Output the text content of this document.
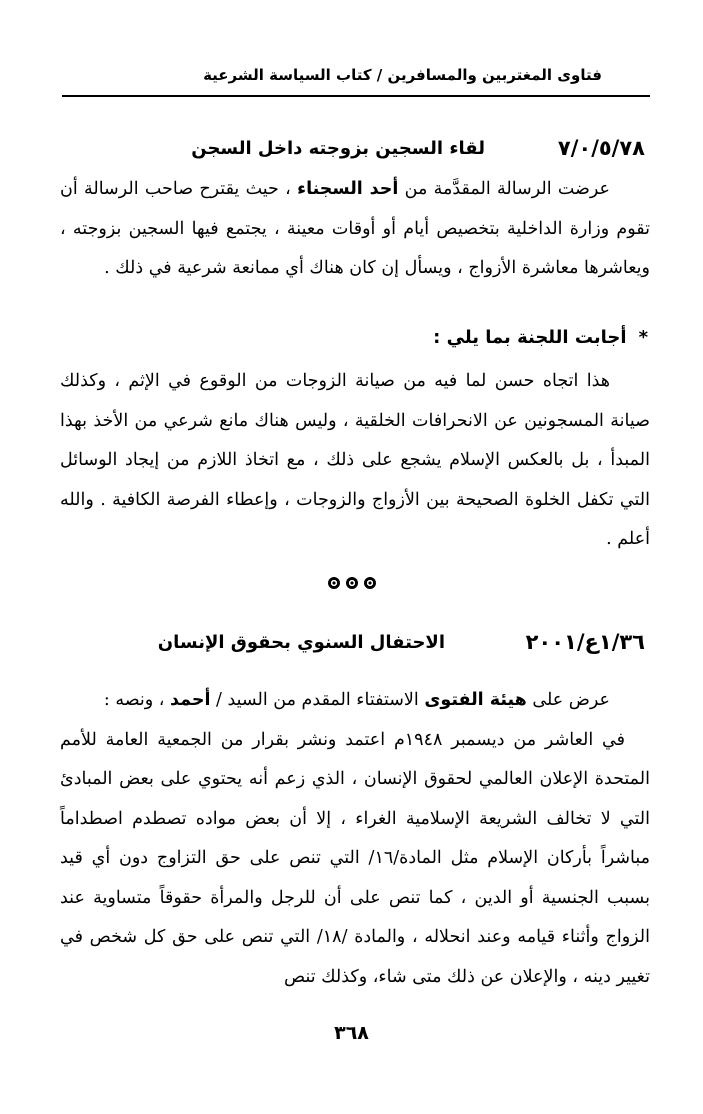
فتاوى المغتربين والمسافرين / كتاب السياسة الشرعية
٧/٠/٥/٧٨
لقاء السجين بزوجته داخل السجن

عرضت الرسالة المقدَّمة من أحد السجناء ، حيث يقترح صاحب الرسالة أن تقوم وزارة الداخلية بتخصيص أيام أو أوقات معينة ، يجتمع فيها السجين بزوجته ، ويعاشرها معاشرة الأزواج ، ويسأل إن كان هناك أي ممانعة شرعية في ذلك .

*أجابت اللجنة بما يلي :

هذا اتجاه حسن لما فيه من صيانة الزوجات من الوقوع في الإثم ، وكذلك صيانة المسجونين عن الانحرافات الخلقية ، وليس هناك مانع شرعي من الأخذ بهذا المبدأ ، بل بالعكس الإسلام يشجع على ذلك ، مع اتخاذ اللازم من إيجاد الوسائل التي تكفل الخلوة الصحيحة بين الأزواج والزوجات ، وإعطاء الفرصة الكافية . والله أعلم .

١/٣٦ع/٢٠٠١
الاحتفال السنوي بحقوق الإنسان

عرض على هيئة الفتوى الاستفتاء المقدم من السيد / أحمد ، ونصه :

في العاشر من ديسمبر ١٩٤٨م اعتمد ونشر بقرار من الجمعية العامة للأمم المتحدة الإعلان العالمي لحقوق الإنسان ، الذي زعم أنه يحتوي على بعض المبادئ التي لا تخالف الشريعة الإسلامية الغراء ، إلا أن بعض مواده تصطدم اصطداماً مباشراً بأركان الإسلام مثل المادة/١٦/ التي تنص على حق التزاوج دون أي قيد بسبب الجنسية أو الدين ، كما تنص على أن للرجل والمرأة حقوقاً متساوية عند الزواج وأثناء قيامه وعند انحلاله ، والمادة /١٨/ التي تنص على حق كل شخص في تغيير دينه ، والإعلان عن ذلك متى شاء، وكذلك تنص

٣٦٨
